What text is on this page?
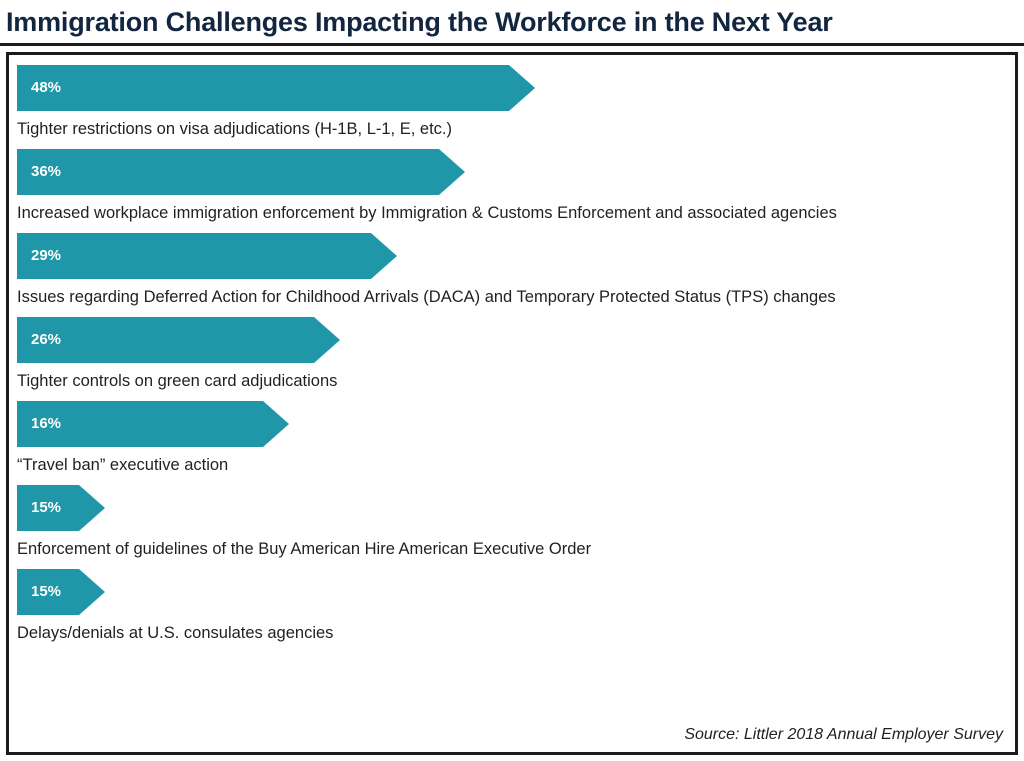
Immigration Challenges Impacting the Workforce in the Next Year
48%
Tighter restrictions on visa adjudications (H-1B, L-1, E, etc.)
36%
Increased workplace immigration enforcement by Immigration & Customs Enforcement and associated agencies
29%
Issues regarding Deferred Action for Childhood Arrivals (DACA) and Temporary Protected Status (TPS) changes
26%
Tighter controls on green card adjudications
16%
“Travel ban” executive action
15%
Enforcement of guidelines of the Buy American Hire American Executive Order
15%
Delays/denials at U.S. consulates agencies
Source: Littler 2018 Annual Employer Survey
